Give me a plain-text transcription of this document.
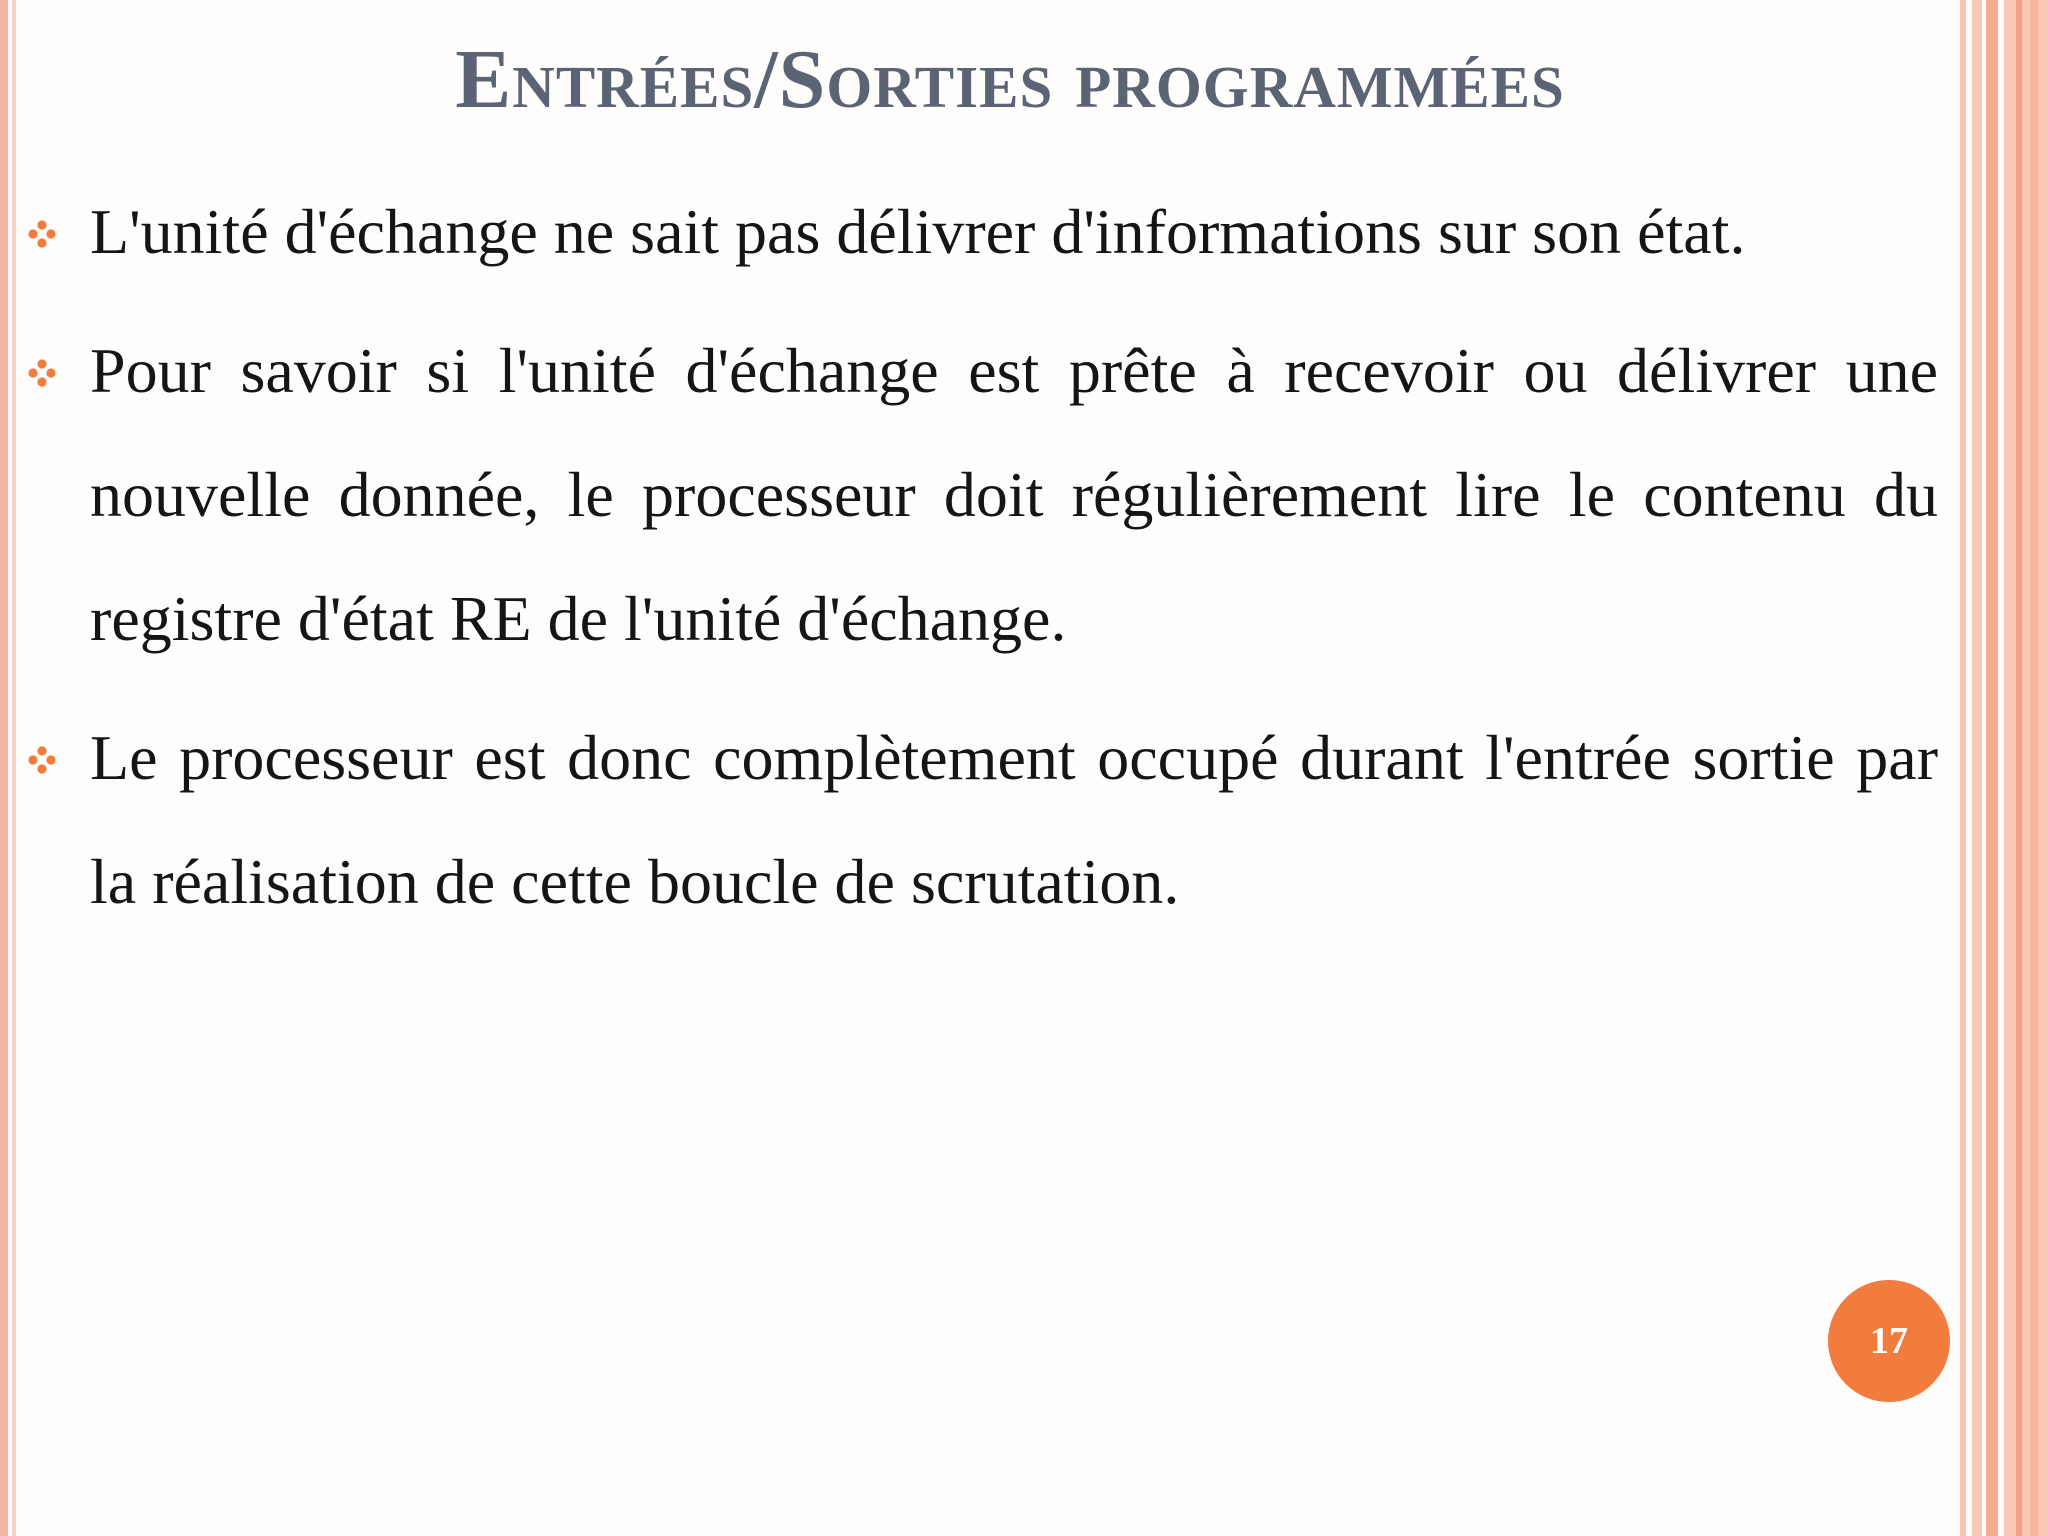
Entrées/Sorties programmées
L'unité d'échange ne sait pas délivrer d'informations sur son état.
Pour savoir si l'unité d'échange est prête à recevoir ou délivrer une nouvelle donnée, le processeur doit régulièrement lire le contenu du registre d'état RE de l'unité d'échange.
Le processeur est donc complètement occupé durant l'entrée sortie par la réalisation de cette boucle de scrutation.
17
